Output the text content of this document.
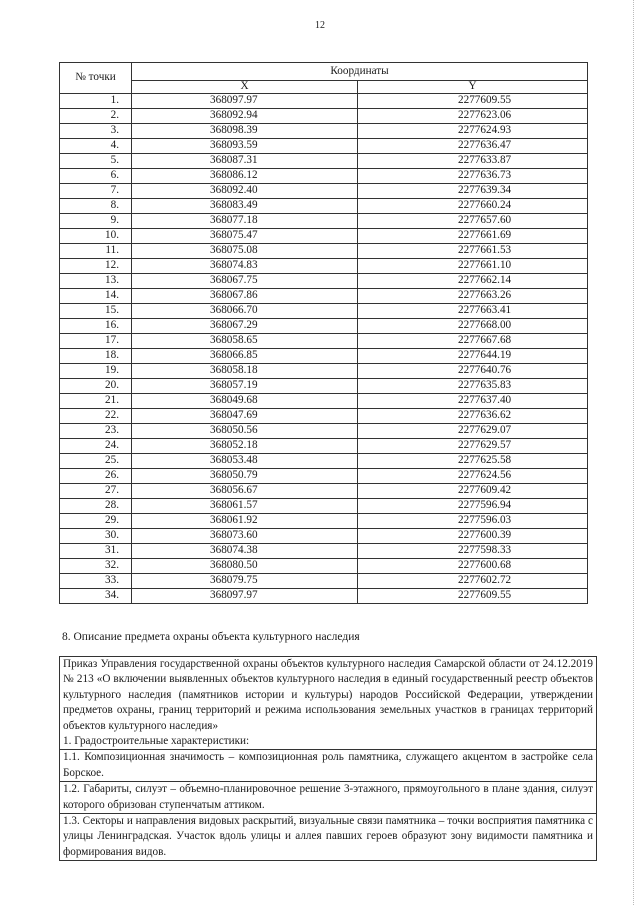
12
№ точки	Координаты	
	X	Y
1.	368097.97	2277609.55
2.	368092.94	2277623.06
3.	368098.39	2277624.93
4.	368093.59	2277636.47
5.	368087.31	2277633.87
6.	368086.12	2277636.73
7.	368092.40	2277639.34
8.	368083.49	2277660.24
9.	368077.18	2277657.60
10.	368075.47	2277661.69
11.	368075.08	2277661.53
12.	368074.83	2277661.10
13.	368067.75	2277662.14
14.	368067.86	2277663.26
15.	368066.70	2277663.41
16.	368067.29	2277668.00
17.	368058.65	2277667.68
18.	368066.85	2277644.19
19.	368058.18	2277640.76
20.	368057.19	2277635.83
21.	368049.68	2277637.40
22.	368047.69	2277636.62
23.	368050.56	2277629.07
24.	368052.18	2277629.57
25.	368053.48	2277625.58
26.	368050.79	2277624.56
27.	368056.67	2277609.42
28.	368061.57	2277596.94
29.	368061.92	2277596.03
30.	368073.60	2277600.39
31.	368074.38	2277598.33
32.	368080.50	2277600.68
33.	368079.75	2277602.72
34.	368097.97	2277609.55
8. Описание предмета охраны объекта культурного наследия

Приказ Управления государственной охраны объектов культурного наследия Самарской области от 24.12.2019 № 213 «О включении выявленных объектов культурного наследия в единый государственный реестр объектов культурного наследия (памятников истории и культуры) народов Российской Федерации, утверждении предметов охраны, границ территорий и режима использования земельных участков в границах территорий объектов культурного наследия»

1. Градостроительные характеристики:

1.1. Композиционная значимость – композиционная роль памятника, служащего акцентом в застройке села Борское.

1.2. Габариты, силуэт – объемно-планировочное решение 3-этажного, прямоугольного в плане здания, силуэт которого обризован ступенчатым аттиком.

1.3. Секторы и направления видовых раскрытий, визуальные связи памятника – точки восприятия памятника с улицы Ленинградская. Участок вдоль улицы и аллея павших героев образуют зону видимости памятника и формирования видов.
